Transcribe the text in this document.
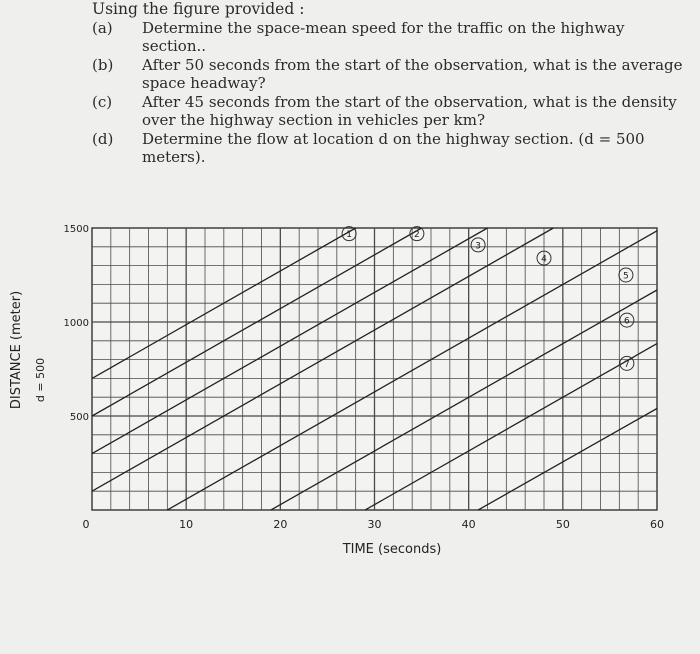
Using the figure provided :

(a)	Determine the space-mean speed for the traffic on the highway section..
(b)	After 50 seconds from the start of the observation, what is the average space headway?
(c)	After 45 seconds from the start of the observation, what is the density over the highway section in vehicles per km?
(d)	Determine the flow at location d on the highway section. (d = 500 meters).
1	2
3
4
5
6
7
0	10	20	30	40	50	60
500
1000
1500
TIME (seconds)
DISTANCE (meter) d = 500
